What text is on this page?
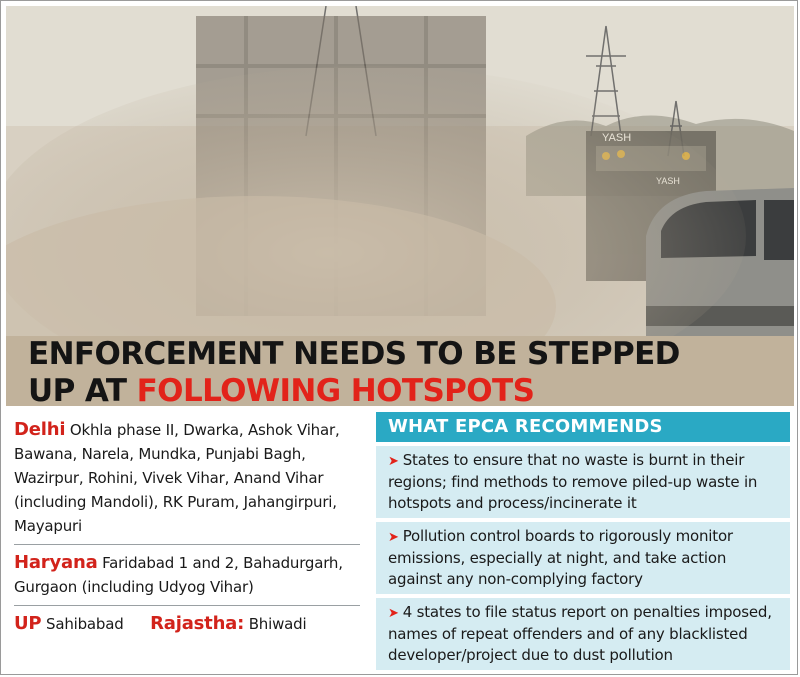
ENFORCEMENT NEEDS TO BE STEPPED
UP AT FOLLOWING HOTSPOTS
Delhi Okhla phase II, Dwarka, Ashok Vihar, Bawana, Narela, Mundka, Punjabi Bagh, Wazirpur, Rohini, Vivek Vihar, Anand Vihar (including Mandoli), RK Puram, Jahangirpuri, Mayapuri
Haryana Faridabad 1 and 2, Bahadurgarh, Gurgaon (including Udyog Vihar)
UP Sahibabad Rajastha: Bhiwadi
WHAT EPCA RECOMMENDS
➤ States to ensure that no waste is burnt in their regions; find methods to remove piled-up waste in hotspots and process/incinerate it
➤ Pollution control boards to rigorously monitor emissions, especially at night, and take action against any non-complying factory
➤ 4 states to file status report on penalties imposed, names of repeat offenders and of any blacklisted developer/project due to dust pollution
